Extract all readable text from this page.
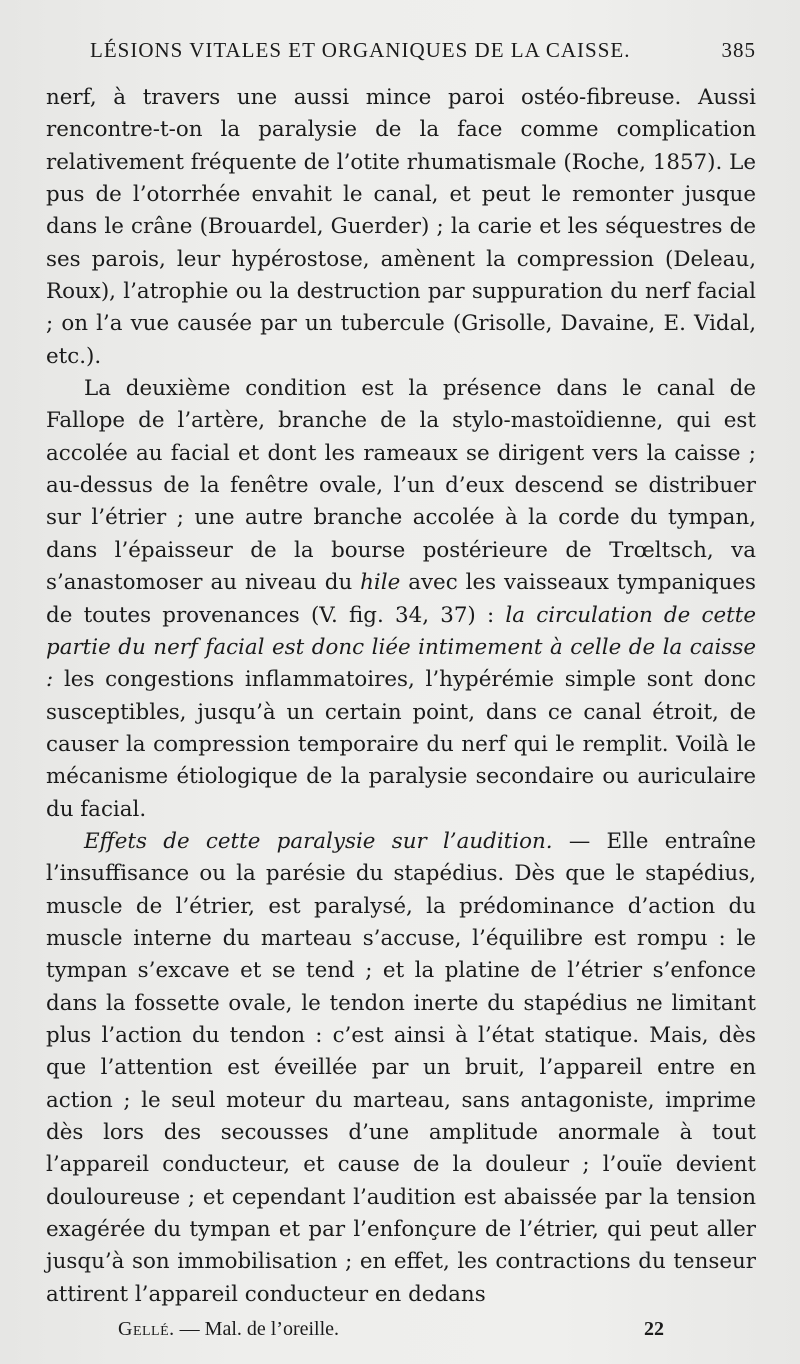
LÉSIONS VITALES ET ORGANIQUES DE LA CAISSE.	385

nerf, à travers une aussi mince paroi ostéo-fibreuse. Aussi rencontre-t-on la paralysie de la face comme complication relativement fréquente de l’otite rhumatismale (Roche, 1857). Le pus de l’otorrhée envahit le canal, et peut le remonter jusque dans le crâne (Brouardel, Guerder) ; la carie et les séquestres de ses parois, leur hypérostose, amènent la compression (Deleau, Roux), l’atrophie ou la destruction par suppuration du nerf facial ; on l’a vue causée par un tubercule (Grisolle, Davaine, E. Vidal, etc.).

La deuxième condition est la présence dans le canal de Fallope de l’artère, branche de la stylo-mastoïdienne, qui est accolée au facial et dont les rameaux se dirigent vers la caisse ; au-dessus de la fenêtre ovale, l’un d’eux descend se distribuer sur l’étrier ; une autre branche accolée à la corde du tympan, dans l’épaisseur de la bourse postérieure de Trœltsch, va s’anastomoser au niveau du hile avec les vaisseaux tympaniques de toutes provenances (V. fig. 34, 37) : la circulation de cette partie du nerf facial est donc liée intimement à celle de la caisse : les congestions inflammatoires, l’hypérémie simple sont donc susceptibles, jusqu’à un certain point, dans ce canal étroit, de causer la compression temporaire du nerf qui le remplit. Voilà le mécanisme étiologique de la paralysie secondaire ou auriculaire du facial.

Effets de cette paralysie sur l’audition. — Elle entraîne l’insuffisance ou la parésie du stapédius. Dès que le stapédius, muscle de l’étrier, est paralysé, la prédominance d’action du muscle interne du marteau s’accuse, l’équilibre est rompu : le tympan s’excave et se tend ; et la platine de l’étrier s’enfonce dans la fossette ovale, le tendon inerte du stapédius ne limitant plus l’action du tendon : c’est ainsi à l’état statique. Mais, dès que l’attention est éveillée par un bruit, l’appareil entre en action ; le seul moteur du marteau, sans antagoniste, imprime dès lors des secousses d’une amplitude anormale à tout l’appareil conducteur, et cause de la douleur ; l’ouïe devient douloureuse ; et cependant l’audition est abaissée par la tension exagérée du tympan et par l’enfonçure de l’étrier, qui peut aller jusqu’à son immobilisation ; en effet, les contractions du tenseur attirent l’appareil conducteur en dedans

Gellé. — Mal. de l’oreille.	22
